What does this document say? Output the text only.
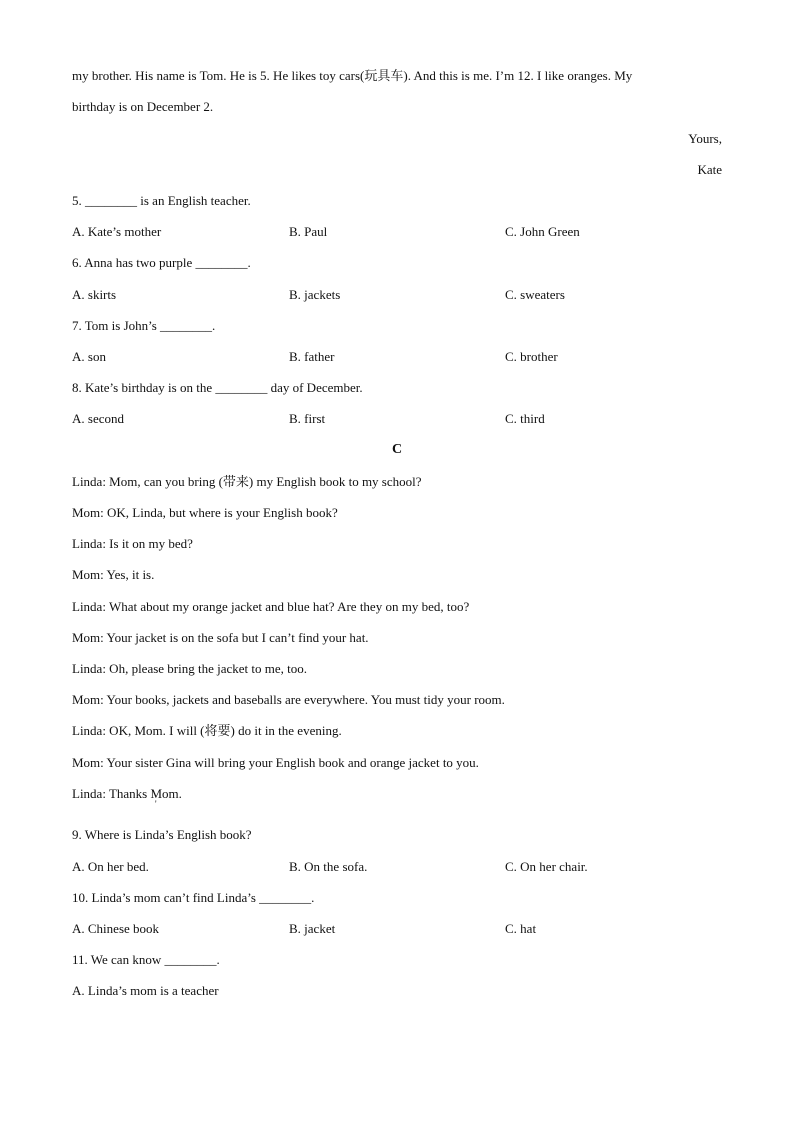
my brother. His name is Tom. He is 5. He likes toy cars(玩具车). And this is me. I’m 12. I like oranges. My
birthday is on December 2.
Yours,
Kate
5. ________ is an English teacher.
A. Kate’s mother	B. Paul	C. John Green
6. Anna has two purple ________.
A. skirts	B. jackets	C. sweaters
7. Tom is John’s ________.
A. son	B. father	C. brother
8. Kate’s birthday is on the ________ day of December.
A. second	B. first	C. third
C
Linda: Mom, can you bring (带来) my English book to my school?
Mom: OK, Linda, but where is your English book?
Linda: Is it on my bed?
Mom: Yes, it is.
Linda: What about my orange jacket and blue hat? Are they on my bed, too?
Mom: Your jacket is on the sofa but I can’t find your hat.
Linda: Oh, please bring the jacket to me, too.
Mom: Your books, jackets and baseballs are everywhere. You must tidy your room.
Linda: OK, Mom. I will (将要) do it in the evening.
Mom: Your sister Gina will bring your English book and orange jacket to you.
Linda: Thanks Mom.
'
9. Where is Linda’s English book?
A. On her bed.	B. On the sofa.	C. On her chair.
10. Linda’s mom can’t find Linda’s ________.
A. Chinese book	B. jacket	C. hat
11. We can know ________.
A. Linda’s mom is a teacher
